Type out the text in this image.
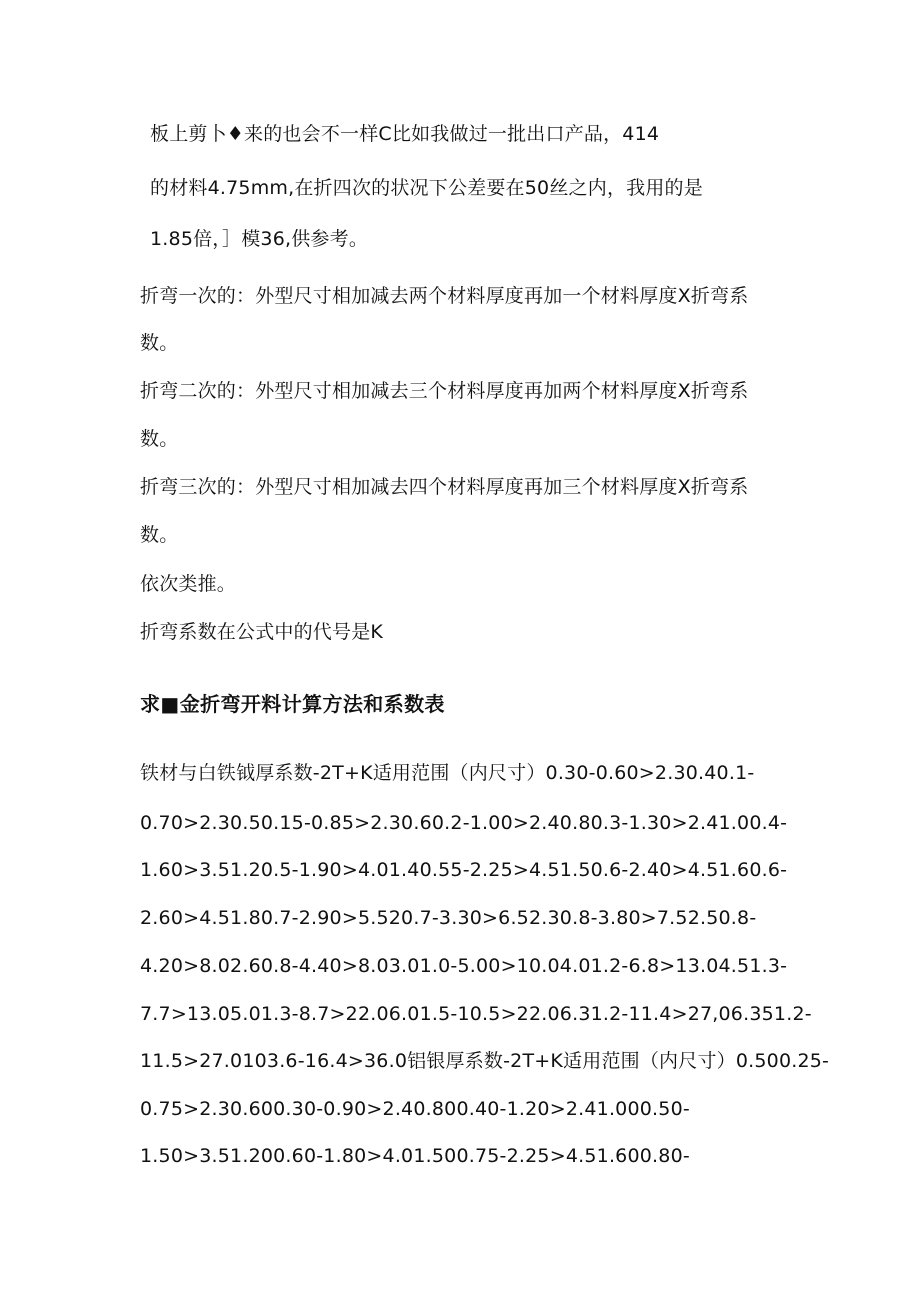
板上剪卜♦来的也会不一样C比如我做过一批出口产品，414
的材料4.75mm,在折四次的状况下公差要在50丝之内，我用的是
1.85倍，］模36,供参考。
折弯一次的：外型尺寸相加减去两个材料厚度再加一个材料厚度X折弯系
数。
折弯二次的：外型尺寸相加减去三个材料厚度再加两个材料厚度X折弯系
数。
折弯三次的：外型尺寸相加减去四个材料厚度再加三个材料厚度X折弯系
数。
依次类推。
折弯系数在公式中的代号是K
求■金折弯开料计算方法和系数表
铁材与白铁钺厚系数-2T+K适用范围（内尺寸）0.30-0.60>2.30.40.1-
0.70>2.30.50.15-0.85>2.30.60.2-1.00>2.40.80.3-1.30>2.41.00.4-
1.60>3.51.20.5-1.90>4.01.40.55-2.25>4.51.50.6-2.40>4.51.60.6-
2.60>4.51.80.7-2.90>5.520.7-3.30>6.52.30.8-3.80>7.52.50.8-
4.20>8.02.60.8-4.40>8.03.01.0-5.00>10.04.01.2-6.8>13.04.51.3-
7.7>13.05.01.3-8.7>22.06.01.5-10.5>22.06.31.2-11.4>27,06.351.2-
11.5>27.0103.6-16.4>36.0铝银厚系数-2T+K适用范围（内尺寸）0.500.25-
0.75>2.30.600.30-0.90>2.40.800.40-1.20>2.41.000.50-
1.50>3.51.200.60-1.80>4.01.500.75-2.25>4.51.600.80-
